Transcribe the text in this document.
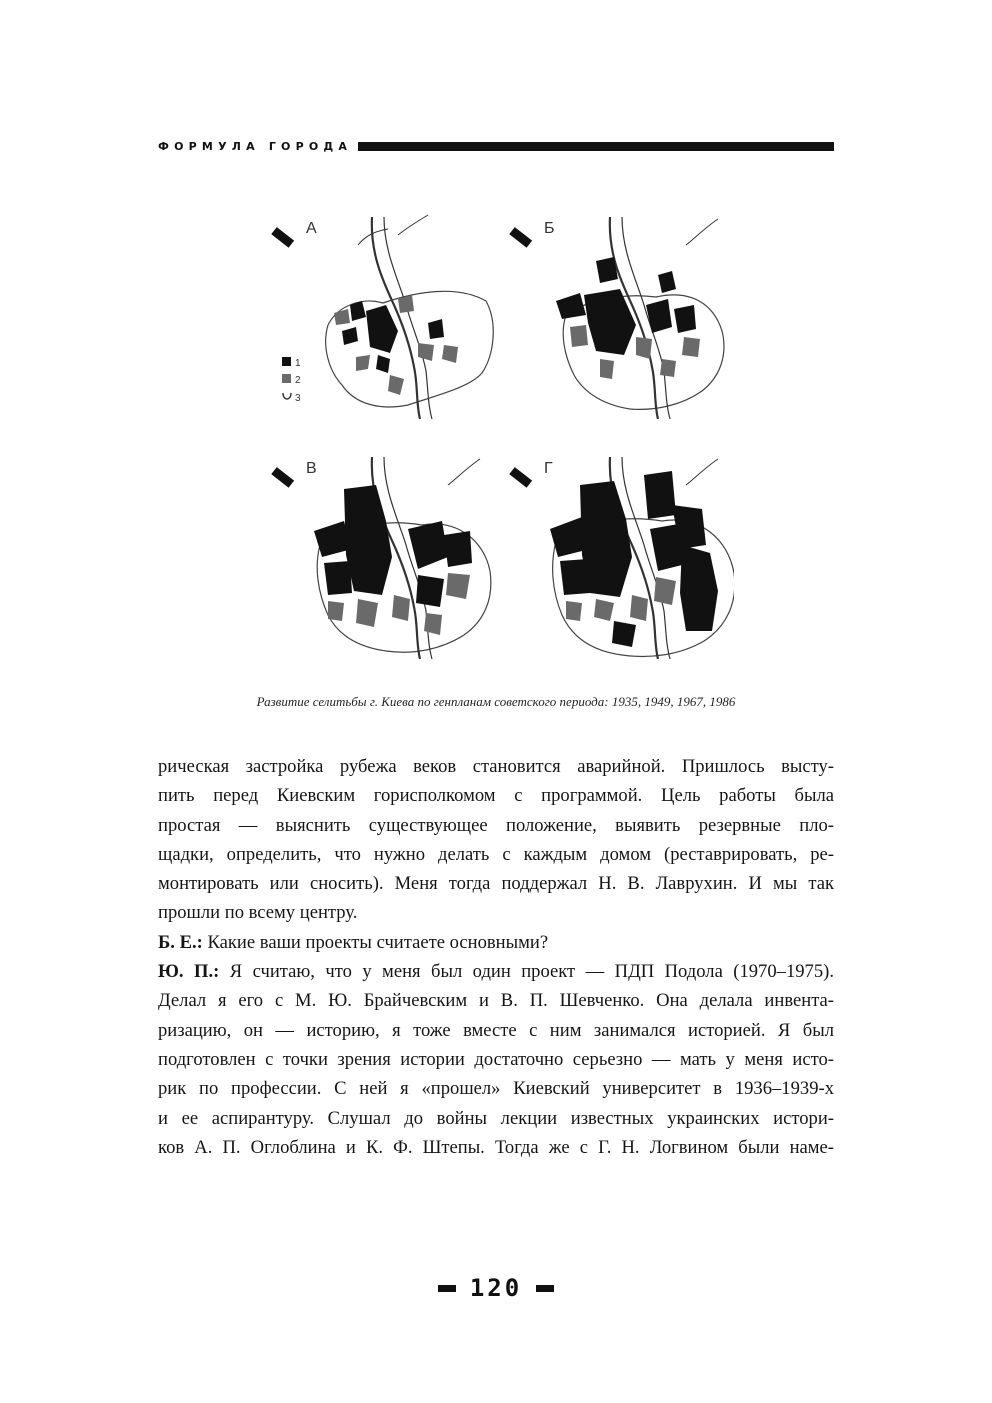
ФОРМУЛА ГОРОДА
А	Б
В	Г
1
2
3
Развитие селитьбы г. Киева по генпланам советского периода: 1935, 1949, 1967, 1986
рическая застройка рубежа веков становится аварийной. Пришлось высту-
пить перед Киевским горисполкомом с программой. Цель работы была
простая — выяснить существующее положение, выявить резервные пло-
щадки, определить, что нужно делать с каждым домом (реставрировать, ре-
монтировать или сносить). Меня тогда поддержал Н. В. Лаврухин. И мы так
прошли по всему центру.
Б. Е.: Какие ваши проекты считаете основными?
Ю. П.: Я считаю, что у меня был один проект — ПДП Подола (1970–1975).
Делал я его с М. Ю. Брайчевским и В. П. Шевченко. Она делала инвента-
ризацию, он — историю, я тоже вместе с ним занимался историей. Я был
подготовлен с точки зрения истории достаточно серьезно — мать у меня исто-
рик по профессии. С ней я «прошел» Киевский университет в 1936–1939-х
и ее аспирантуру. Слушал до войны лекции известных украинских истори-
ков А. П. Оглоблина и К. Ф. Штепы. Тогда же с Г. Н. Логвином были наме-
120
